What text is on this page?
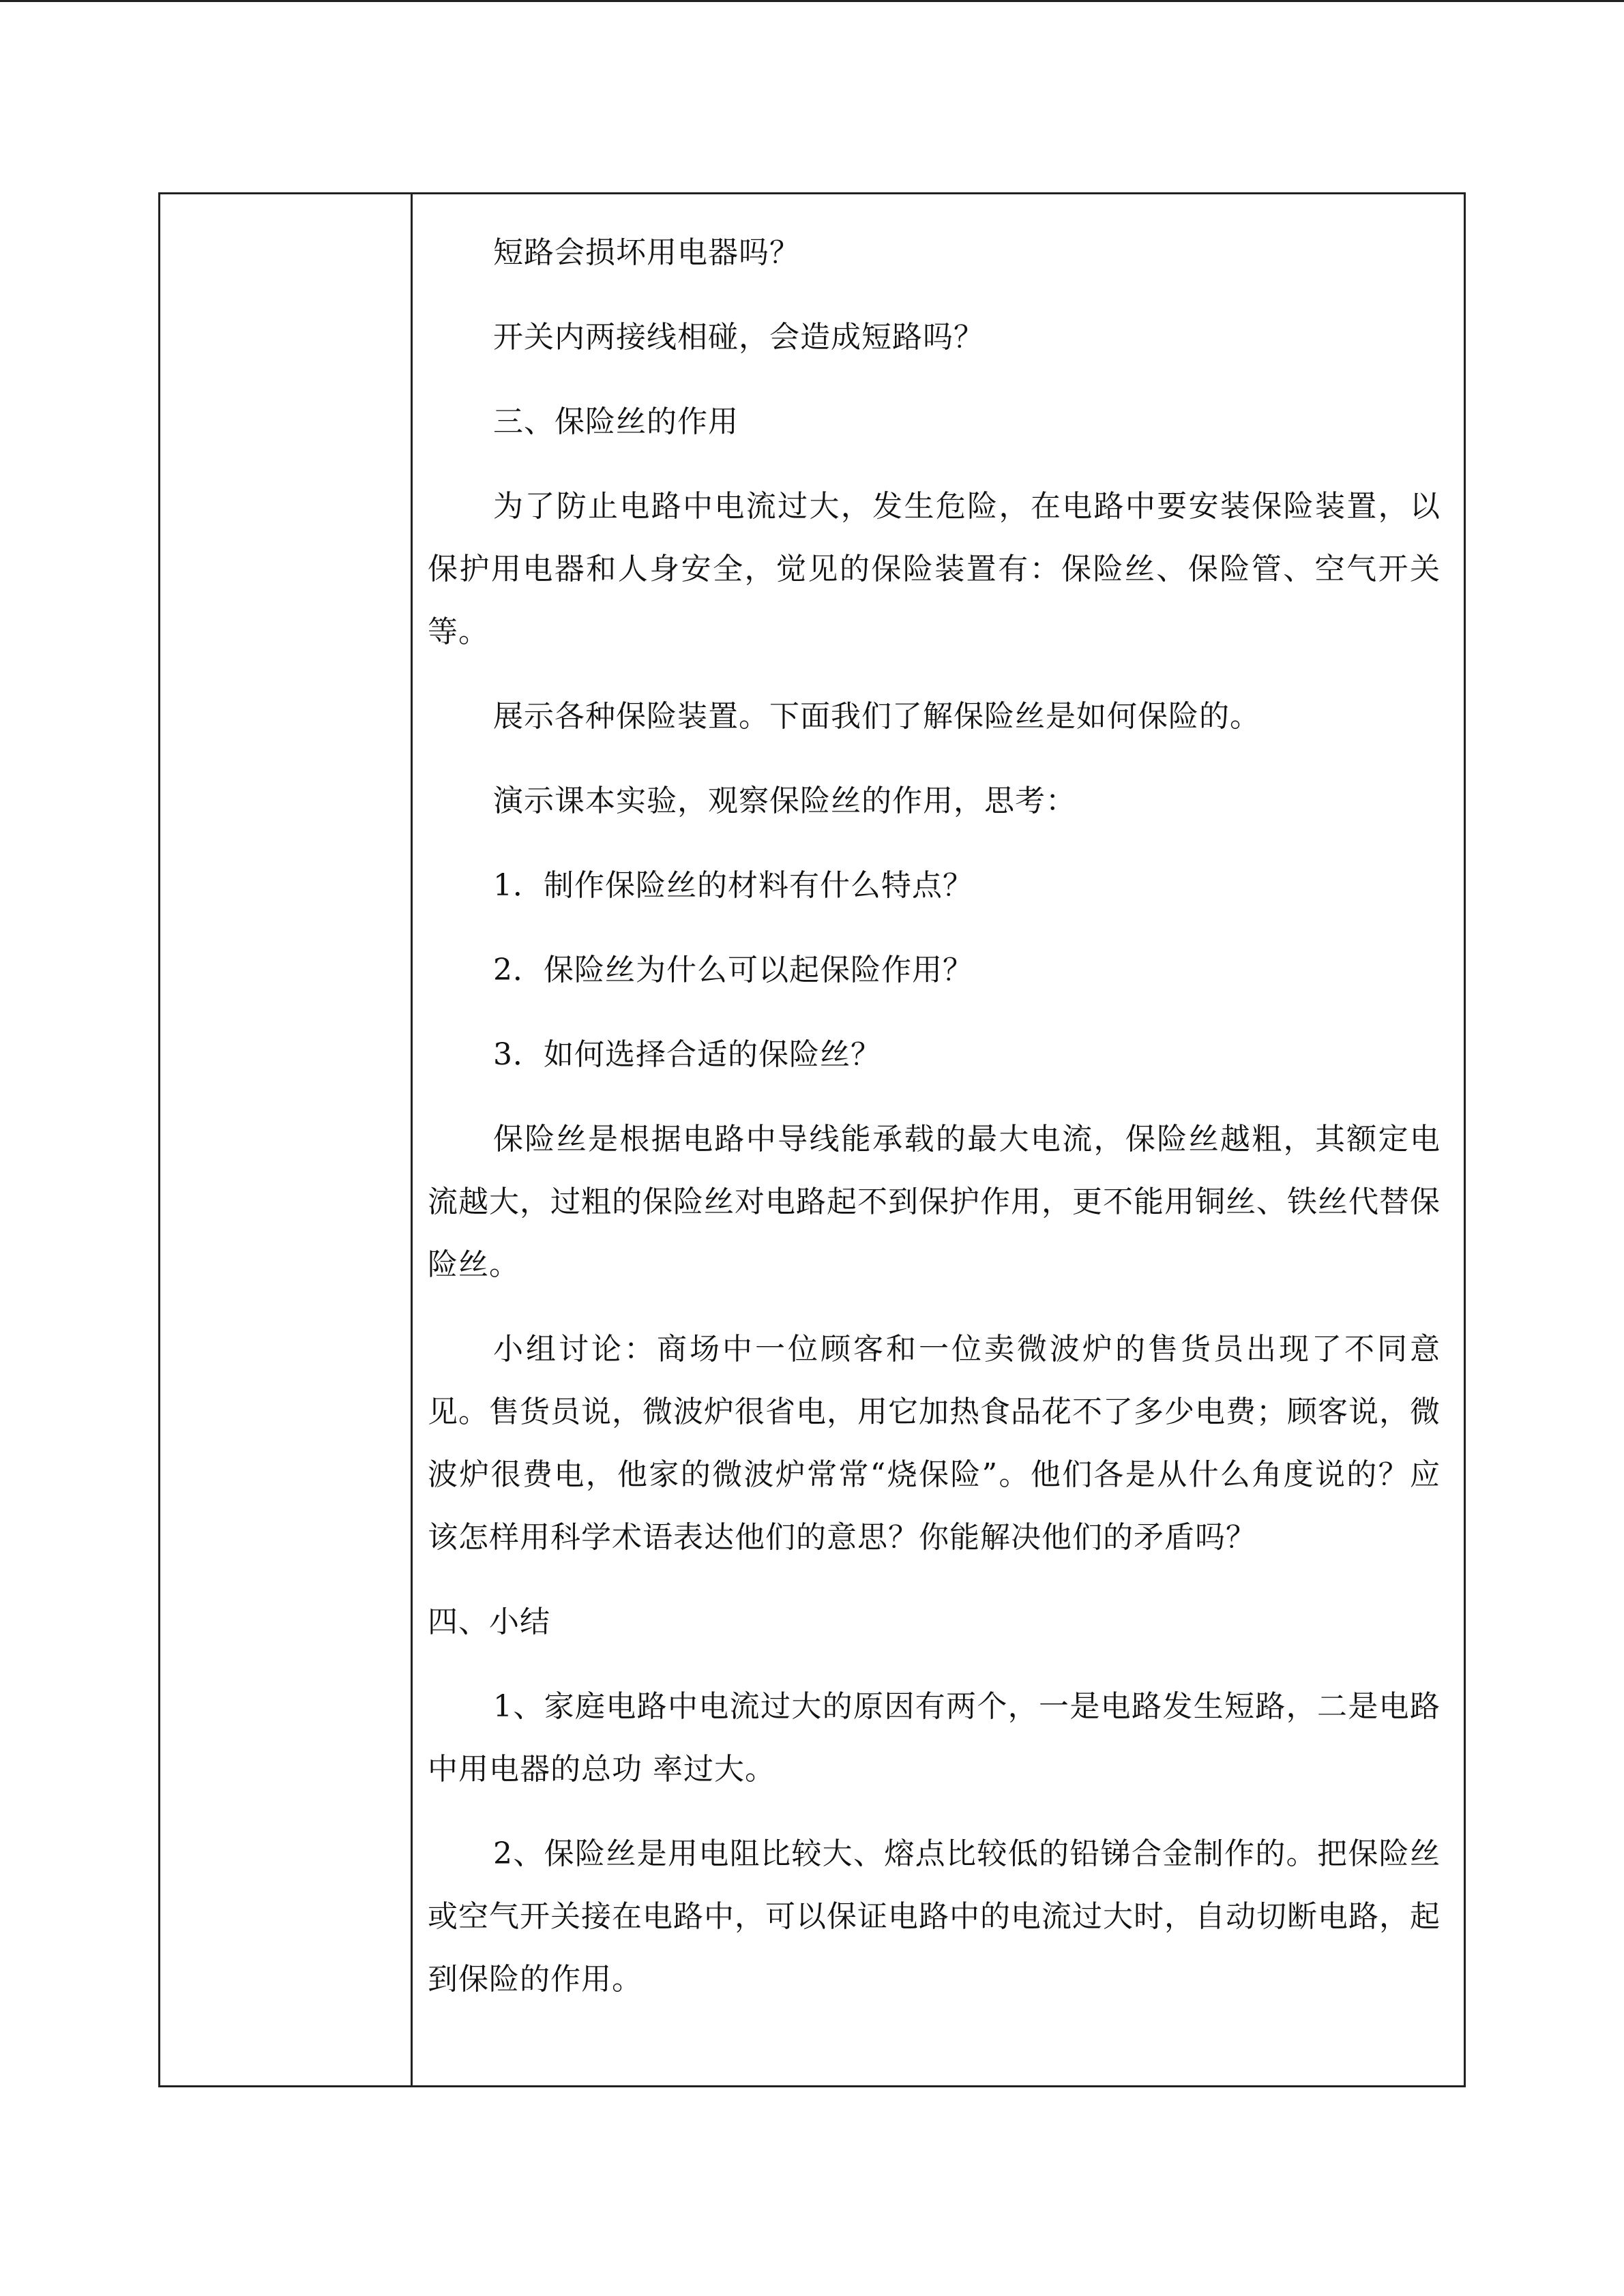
短路会损坏用电器吗？

开关内两接线相碰，会造成短路吗？

三、保险丝的作用

为了防止电路中电流过大，发生危险，在电路中要安装保险装置，以保护用电器和人身安全，觉见的保险装置有：保险丝、保险管、空气开关等。

展示各种保险装置。下面我们了解保险丝是如何保险的。

演示课本实验，观察保险丝的作用，思考：

1．制作保险丝的材料有什么特点？

2．保险丝为什么可以起保险作用？

3．如何选择合适的保险丝？

保险丝是根据电路中导线能承载的最大电流，保险丝越粗，其额定电流越大，过粗的保险丝对电路起不到保护作用，更不能用铜丝、铁丝代替保险丝。

小组讨论：商场中一位顾客和一位卖微波炉的售货员出现了不同意见。售货员说，微波炉很省电，用它加热食品花不了多少电费；顾客说，微波炉很费电，他家的微波炉常常“烧保险”。他们各是从什么角度说的？应该怎样用科学术语表达他们的意思？你能解决他们的矛盾吗？

四、小结

1、家庭电路中电流过大的原因有两个，一是电路发生短路，二是电路中用电器的总功 率过大。

2、保险丝是用电阻比较大、熔点比较低的铅锑合金制作的。把保险丝或空气开关接在电路中，可以保证电路中的电流过大时，自动切断电路，起到保险的作用。
